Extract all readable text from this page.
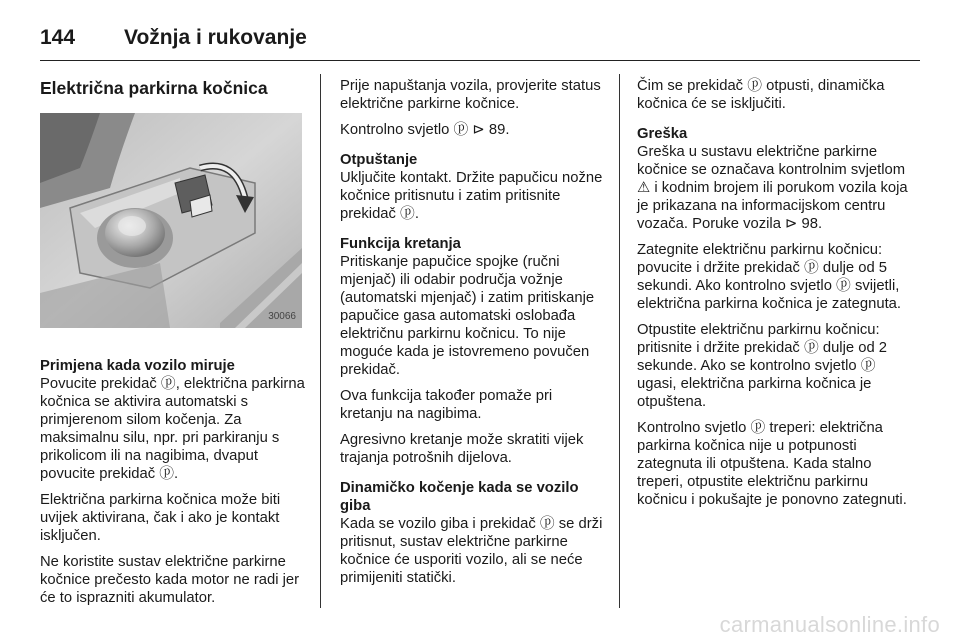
144	Vožnja i rukovanje
Električna parkirna kočnica
30066
Primjena kada vozilo miruje

Povucite prekidač ⓟ, električna parkirna kočnica se aktivira automatski s primjerenom silom kočenja. Za maksimalnu silu, npr. pri parkiranju s prikolicom ili na nagibima, dvaput povucite prekidač ⓟ.

Električna parkirna kočnica može biti uvijek aktivirana, čak i ako je kontakt isključen.

Ne koristite sustav električne parkirne kočnice prečesto kada motor ne radi jer će to isprazniti akumulator.

Prije napuštanja vozila, provjerite status električne parkirne kočnice.

Kontrolno svjetlo ⓟ ⊳ 89.

Otpuštanje

Uključite kontakt. Držite papučicu nožne kočnice pritisnutu i zatim pritisnite prekidač ⓟ.

Funkcija kretanja

Pritiskanje papučice spojke (ručni mjenjač) ili odabir područja vožnje (automatski mjenjač) i zatim pritiskanje papučice gasa automatski oslobađa električnu parkirnu kočnicu. To nije moguće kada je istovremeno povučen prekidač.

Ova funkcija također pomaže pri kretanju na nagibima.

Agresivno kretanje može skratiti vijek trajanja potrošnih dijelova.

Dinamičko kočenje kada se vozilo giba

Kada se vozilo giba i prekidač ⓟ se drži pritisnut, sustav električne parkirne kočnice će usporiti vozilo, ali se neće primijeniti statički.

Čim se prekidač ⓟ otpusti, dinamička kočnica će se isključiti.

Greška

Greška u sustavu električne parkirne kočnice se označava kontrolnim svjetlom ⚠ i kodnim brojem ili porukom vozila koja je prikazana na informacijskom centru vozača. Poruke vozila ⊳ 98.

Zategnite električnu parkirnu kočnicu: povucite i držite prekidač ⓟ dulje od 5 sekundi. Ako kontrolno svjetlo ⓟ svijetli, električna parkirna kočnica je zategnuta.

Otpustite električnu parkirnu kočnicu: pritisnite i držite prekidač ⓟ dulje od 2 sekunde. Ako se kontrolno svjetlo ⓟ ugasi, električna parkirna kočnica je otpuštena.

Kontrolno svjetlo ⓟ treperi: električna parkirna kočnica nije u potpunosti zategnuta ili otpuštena. Kada stalno treperi, otpustite električnu parkirnu kočnicu i pokušajte je ponovno zategnuti.

carmanualsonline.info
